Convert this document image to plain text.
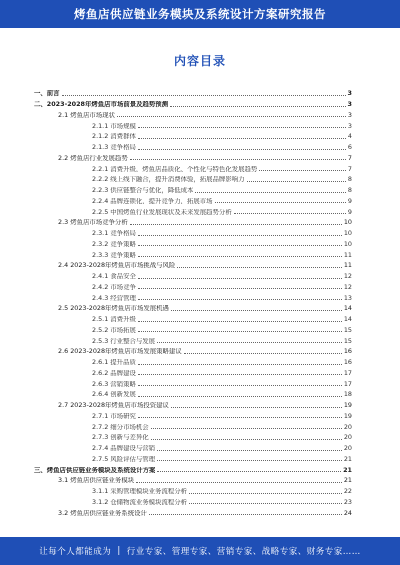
烤鱼店供应链业务模块及系统设计方案研究报告
内容目录
一、前言	3
二、2023-2028年烤鱼店市场前景及趋势预测	3
2.1 烤鱼店市场现状	3
2.1.1 市场规模	3
2.1.2 消费群体	4
2.1.3 竞争格局	6
2.2 烤鱼店行业发展趋势	7
2.2.1 消费升级，烤鱼店品质化、个性化与特色化发展趋势	7
2.2.2 线上线下融合，提升消费体验，拓展品牌影响力	8
2.2.3 供应链整合与优化，降低成本	8
2.2.4 品牌连锁化，提升竞争力，拓展市场	9
2.2.5 中国烤鱼行业发展现状及未来发展趋势分析	9
2.3 烤鱼店市场竞争分析	10
2.3.1 竞争格局	10
2.3.2 竞争策略	10
2.3.3 竞争策略	11
2.4 2023-2028年烤鱼店市场挑战与风险	11
2.4.1 食品安全	12
2.4.2 市场竞争	12
2.4.3 经营管理	13
2.5 2023-2028年烤鱼店市场发展机遇	14
2.5.1 消费升级	14
2.5.2 市场拓展	15
2.5.3 行业整合与发展	15
2.6 2023-2028年烤鱼店市场发展策略建议	16
2.6.1 提升品质	16
2.6.2 品牌建设	17
2.6.3 营销策略	17
2.6.4 创新发展	18
2.7 2023-2028年烤鱼店市场投资建议	19
2.7.1 市场研究	19
2.7.2 细分市场机会	20
2.7.3 创新与差异化	20
2.7.4 品牌建设与营销	20
2.7.5 风险评估与管理	21
三、烤鱼店供应链业务模块及系统设计方案	21
3.1 烤鱼店供应链业务模块	21
3.1.1 采购管理模块业务流程分析	22
3.1.2 仓储物流业务模块流程分析	23
3.2 烤鱼店供应链业务系统设计	24
让每个人都能成为 | 行业专家、管理专家、营销专家、战略专家、财务专家……
